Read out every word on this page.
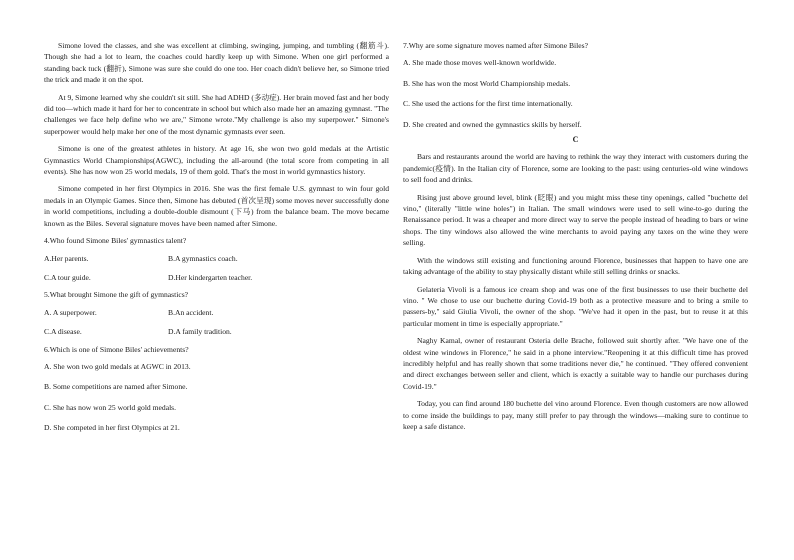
Simone loved the classes, and she was excellent at climbing, swinging, jumping, and tumbling (翻筋斗). Though she had a lot to learn, the coaches could hardly keep up with Simone. When one girl performed a standing back tuck (翻折), Simone was sure she could do one too. Her coach didn't believe her, so Simone tried the trick and made it on the spot.

At 9, Simone learned why she couldn't sit still. She had ADHD (多动症). Her brain moved fast and her body did too—which made it hard for her to concentrate in school but which also made her an amazing gymnast. "The challenges we face help define who we are," Simone wrote."My challenge is also my superpower." Simone's superpower would help make her one of the most dynamic gymnasts ever seen.

Simone is one of the greatest athletes in history. At age 16, she won two gold medals at the Artistic Gymnastics World Championships(AGWC), including the all-around (the total score from competing in all events). She has now won 25 world medals, 19 of them gold. That's the most in world gymnastics history.

Simone competed in her first Olympics in 2016. She was the first female U.S. gymnast to win four gold medals in an Olympic Games. Since then, Simone has debuted (首次呈现) some moves never successfully done in world competitions, including a double-double dismount (下马) from the balance beam. The move became known as the Biles. Several signature moves have been named after Simone.

4.Who found Simone Biles' gymnastics talent?

A.Her parents.	B.A gymnastics coach.
C.A tour guide.	D.Her kindergarten teacher.

5.What brought Simone the gift of gymnastics?

A. A superpower.	B.An accident.
C.A disease.	D.A family tradition.

6.Which is one of Simone Biles' achievements?

A. She won two gold medals at AGWC in 2013.
B. Some competitions are named after Simone.
C. She has now won 25 world gold medals.
D. She competed in her first Olympics at 21.

7.Why are some signature moves named after Simone Biles?

A. She made those moves well-known worldwide.
B. She has won the most World Championship medals.
C. She used the actions for the first time internationally.
D. She created and owned the gymnastics skills by herself.
C

Bars and restaurants around the world are having to rethink the way they interact with customers during the pandemic(疫情). In the Italian city of Florence, some are looking to the past: using centuries-old wine windows to sell food and drinks.

Rising just above ground level, blink (眨眼) and you might miss these tiny openings, called "buchette del vino," (literally "little wine holes") in Italian. The small windows were used to sell wine-to-go during the Renaissance period. It was a cheaper and more direct way to serve the people instead of heading to bars or wine shops. The tiny windows also allowed the wine merchants to avoid paying any taxes on the wine they were selling.

With the windows still existing and functioning around Florence, businesses that happen to have one are taking advantage of the ability to stay physically distant while still selling drinks or snacks.

Gelateria Vivoli is a famous ice cream shop and was one of the first businesses to use their buchette del vino. " We chose to use our buchette during Covid-19 both as a protective measure and to bring a smile to passers-by," said Giulia Vivoli, the owner of the shop. "We've had it open in the past, but to reuse it at this particular moment in time is especially appropriate."

Naghy Kamal, owner of restaurant Osteria delle Brache, followed suit shortly after. "We have one of the oldest wine windows in Florence," he said in a phone interview."Reopening it at this difficult time has proved incredibly helpful and has really shown that some traditions never die," he continued. "They offered convenient and direct exchanges between seller and client, which is exactly a suitable way to handle our purchases during Covid-19."

Today, you can find around 180 buchette del vino around Florence. Even though customers are now allowed to come inside the buildings to pay, many still prefer to pay through the windows—making sure to continue to keep a safe distance.
